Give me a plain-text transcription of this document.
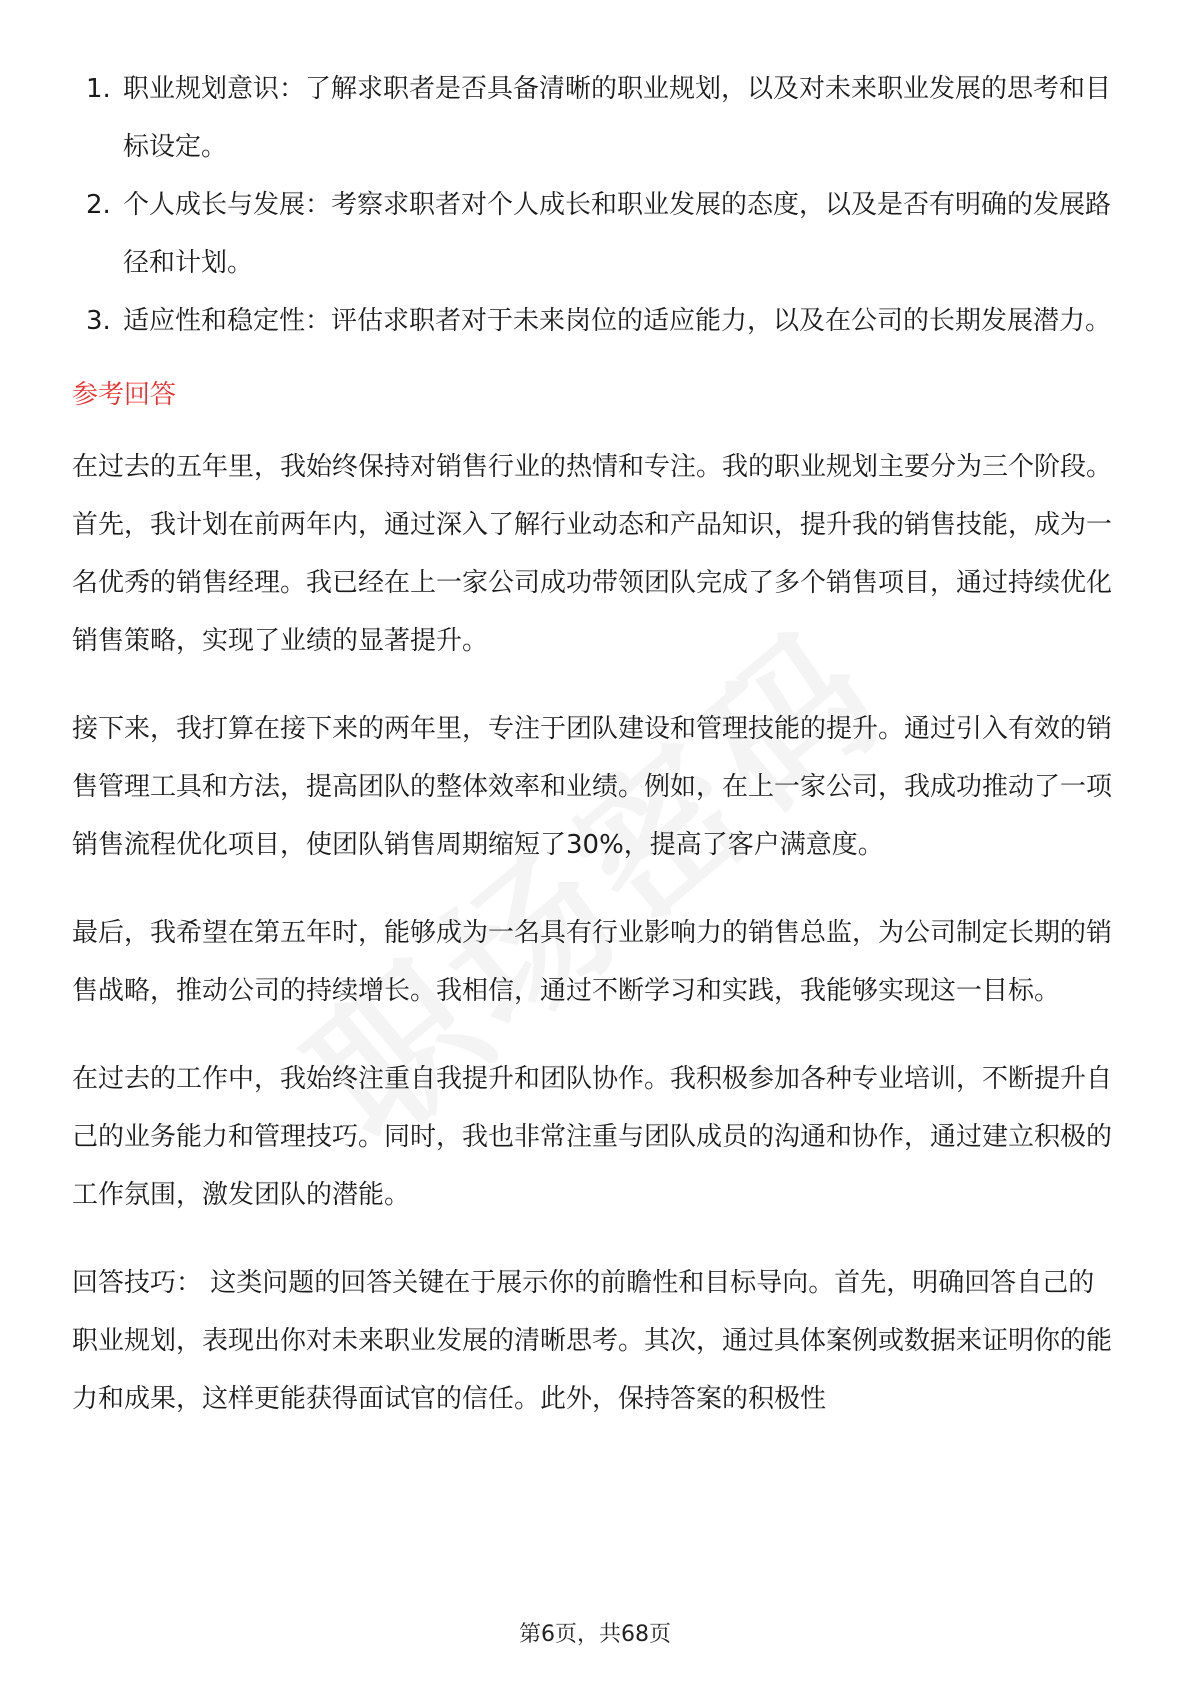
1. 职业规划意识：了解求职者是否具备清晰的职业规划，以及对未来职业发展的思考和目标设定。
2. 个人成长与发展：考察求职者对个人成长和职业发展的态度，以及是否有明确的发展路径和计划。
3. 适应性和稳定性：评估求职者对于未来岗位的适应能力，以及在公司的长期发展潜力。
参考回答

在过去的五年里，我始终保持对销售行业的热情和专注。我的职业规划主要分为三个阶段。首先，我计划在前两年内，通过深入了解行业动态和产品知识，提升我的销售技能，成为一名优秀的销售经理。我已经在上一家公司成功带领团队完成了多个销售项目，通过持续优化销售策略，实现了业绩的显著提升。

接下来，我打算在接下来的两年里，专注于团队建设和管理技能的提升。通过引入有效的销售管理工具和方法，提高团队的整体效率和业绩。例如，在上一家公司，我成功推动了一项销售流程优化项目，使团队销售周期缩短了30%，提高了客户满意度。

最后，我希望在第五年时，能够成为一名具有行业影响力的销售总监，为公司制定长期的销售战略，推动公司的持续增长。我相信，通过不断学习和实践，我能够实现这一目标。

在过去的工作中，我始终注重自我提升和团队协作。我积极参加各种专业培训，不断提升自己的业务能力和管理技巧。同时，我也非常注重与团队成员的沟通和协作，通过建立积极的工作氛围，激发团队的潜能。

回答技巧： 这类问题的回答关键在于展示你的前瞻性和目标导向。首先，明确回答自己的职业规划，表现出你对未来职业发展的清晰思考。其次，通过具体案例或数据来证明你的能力和成果，这样更能获得面试官的信任。此外，保持答案的积极性

第6页，共68页
